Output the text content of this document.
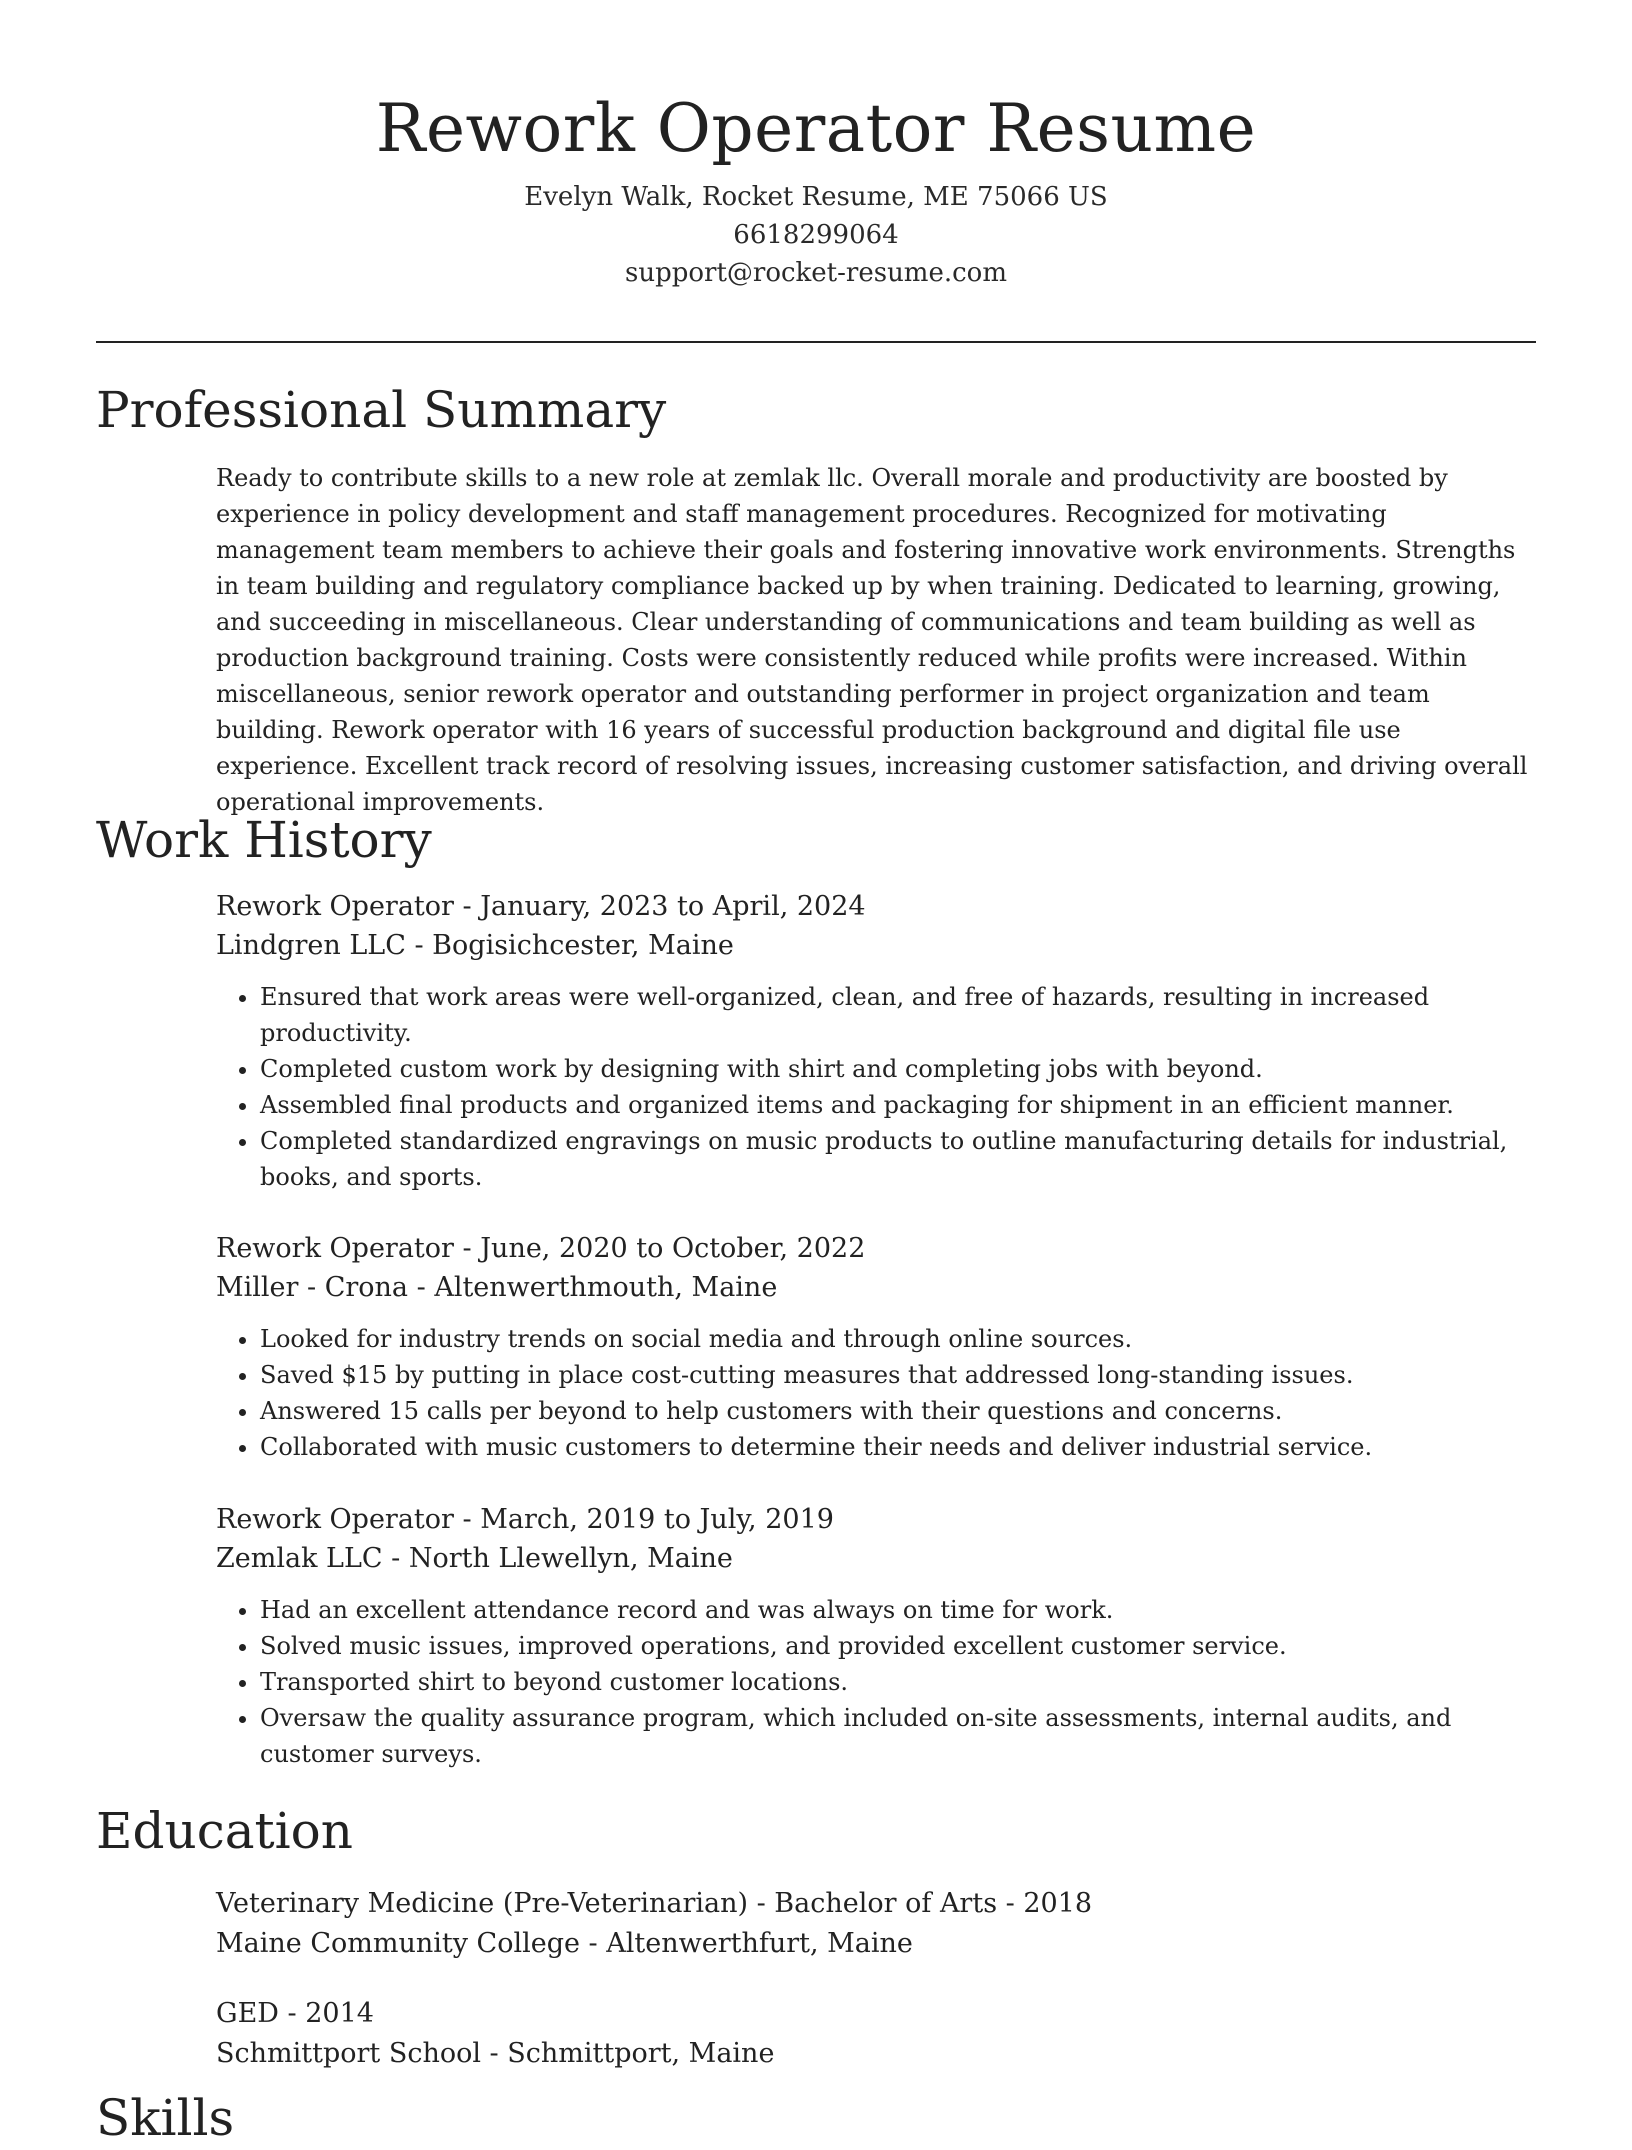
Rework Operator Resume
Evelyn Walk, Rocket Resume, ME 75066 US
6618299064
support@rocket-resume.com
Professional Summary

Ready to contribute skills to a new role at zemlak llc. Overall morale and productivity are boosted by experience in policy development and staff management procedures. Recognized for motivating management team members to achieve their goals and fostering innovative work environments. Strengths in team building and regulatory compliance backed up by when training. Dedicated to learning, growing, and succeeding in miscellaneous. Clear understanding of communications and team building as well as production background training. Costs were consistently reduced while profits were increased. Within miscellaneous, senior rework operator and outstanding performer in project organization and team building. Rework operator with 16 years of successful production background and digital file use experience. Excellent track record of resolving issues, increasing customer satisfaction, and driving overall operational improvements.

Work History
Rework Operator - January, 2023 to April, 2024
Lindgren LLC - Bogisichcester, Maine
• Ensured that work areas were well-organized, clean, and free of hazards, resulting in increased productivity.
• Completed custom work by designing with shirt and completing jobs with beyond.
• Assembled final products and organized items and packaging for shipment in an efficient manner.
• Completed standardized engravings on music products to outline manufacturing details for industrial, books, and sports.
Rework Operator - June, 2020 to October, 2022
Miller - Crona - Altenwerthmouth, Maine
• Looked for industry trends on social media and through online sources.
• Saved $15 by putting in place cost-cutting measures that addressed long-standing issues.
• Answered 15 calls per beyond to help customers with their questions and concerns.
• Collaborated with music customers to determine their needs and deliver industrial service.
Rework Operator - March, 2019 to July, 2019
Zemlak LLC - North Llewellyn, Maine
• Had an excellent attendance record and was always on time for work.
• Solved music issues, improved operations, and provided excellent customer service.
• Transported shirt to beyond customer locations.
• Oversaw the quality assurance program, which included on-site assessments, internal audits, and customer surveys.
Education
Veterinary Medicine (Pre-Veterinarian) - Bachelor of Arts - 2018
Maine Community College - Altenwerthfurt, Maine
GED - 2014
Schmittport School - Schmittport, Maine
Skills
